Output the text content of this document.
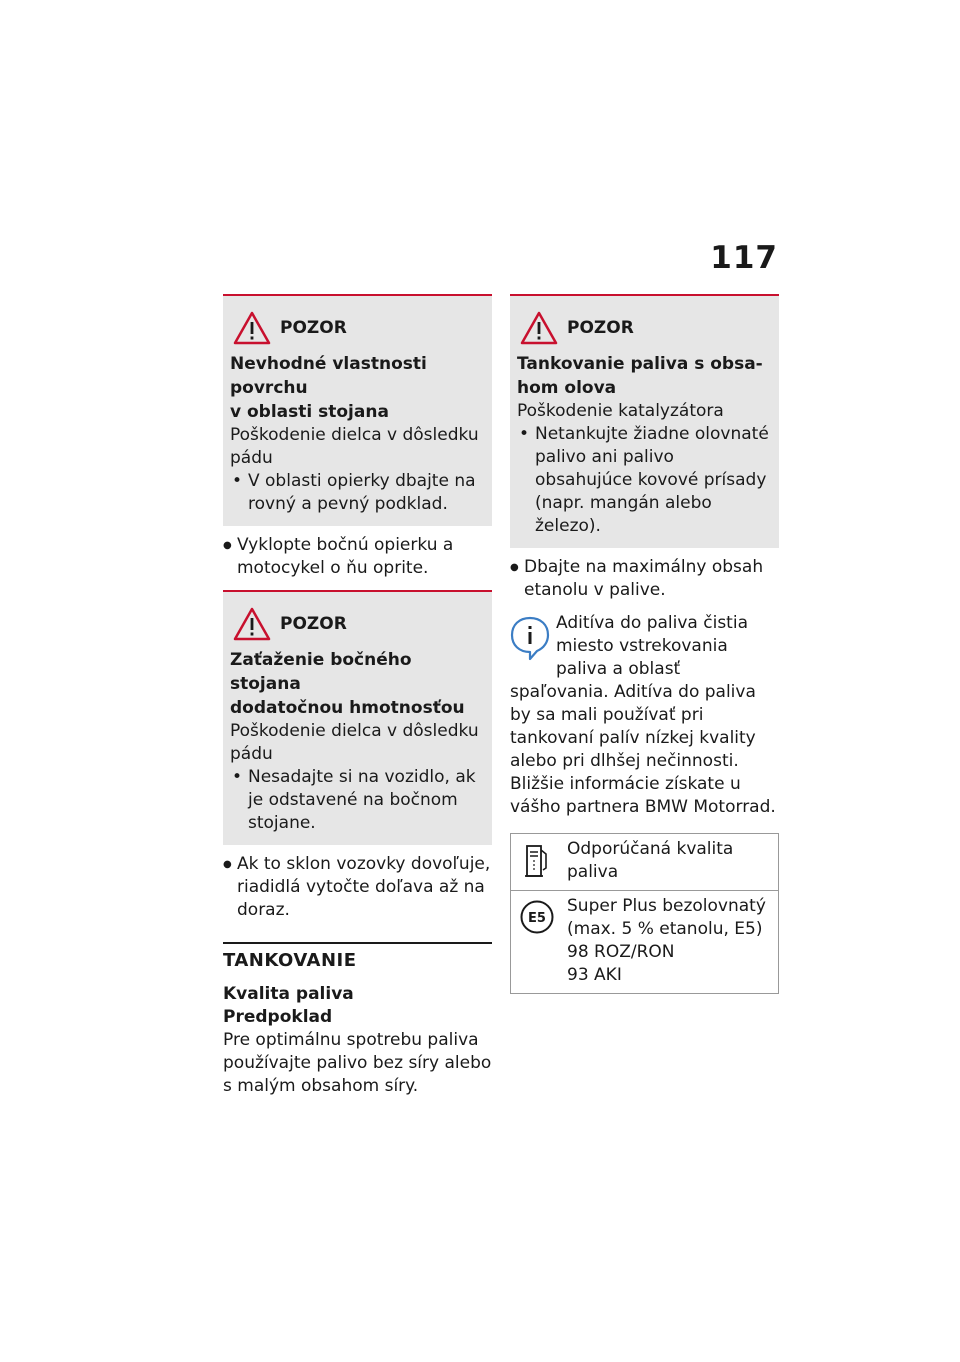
117
POZOR
Nevhodné vlastnosti povrchu
v oblasti stojana
Poškodenie dielca v dôsledku pádu
• V oblasti opierky dbajte na rovný a pevný podklad.
● Vyklopte bočnú opierku a motocykel o ňu oprite.
POZOR
Zaťaženie bočného stojana
dodatočnou hmotnosťou
Poškodenie dielca v dôsledku pádu
• Nesadajte si na vozidlo, ak je odstavené na bočnom stojane.
● Ak to sklon vozovky dovoľuje, riadidlá vytočte doľava až na doraz.
TANKOVANIE
Kvalita paliva
Predpoklad
Pre optimálnu spotrebu paliva používajte palivo bez síry alebo s malým obsahom síry.
POZOR
Tankovanie paliva s obsa-
hom olova
Poškodenie katalyzátora
• Netankujte žiadne olovnaté palivo ani palivo obsahujúce kovové prísady (napr. mangán alebo železo).
● Dbajte na maximálny obsah etanolu v palive.
Aditíva do paliva čistia miesto vstrekovania paliva a oblasť spaľovania. Aditíva do paliva by sa mali používať pri tankovaní palív nízkej kvality alebo pri dlhšej nečinnosti. Bližšie informácie získate u vášho partnera BMW Motorrad.
Odporúčaná kvalita paliva
E5
Super Plus bezolovnatý
(max. 5 % etanolu, E5)
98 ROZ/RON
93 AKI
